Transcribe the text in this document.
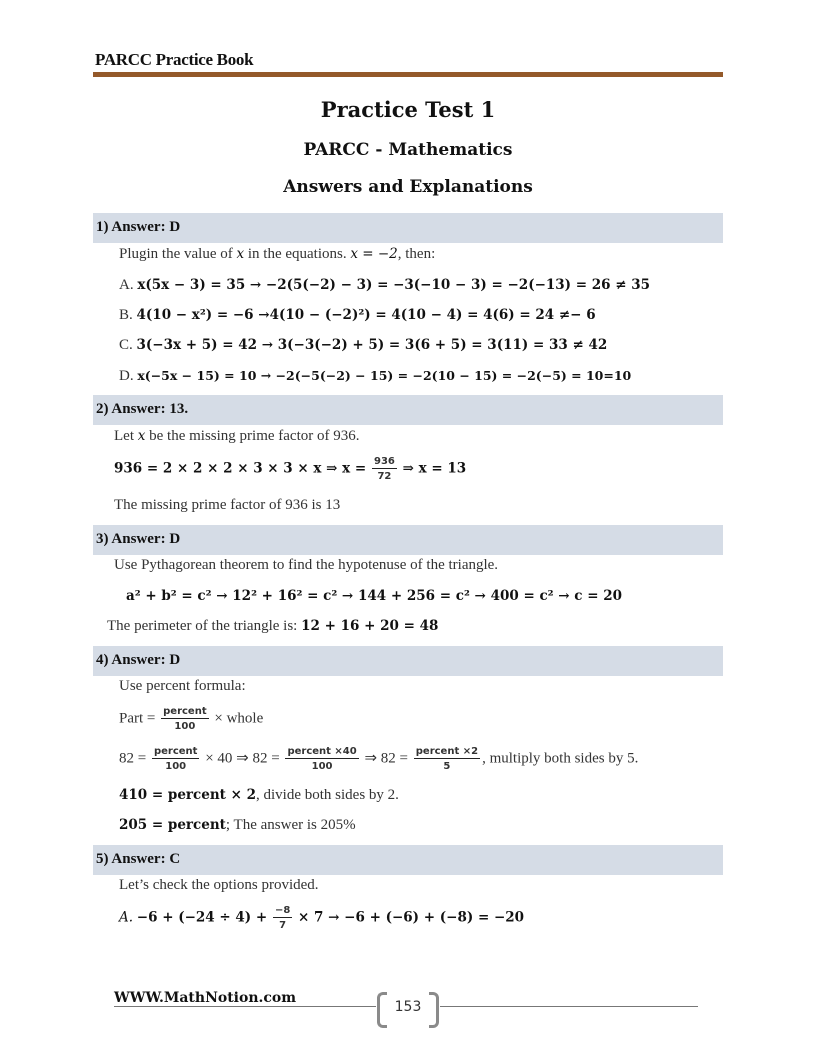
PARCC Practice Book
Practice Test 1
PARCC - Mathematics
Answers and Explanations
1) Answer: D
Plugin the value of x in the equations. x = −2, then:
A. x(5x − 3) = 35 → −2(5(−2) − 3) = −3(−10 − 3) = −2(−13) = 26 ≠ 35
B. 4(10 − x²) = −6 →4(10 − (−2)²) = 4(10 − 4) = 4(6) = 24 ≠− 6
C. 3(−3x + 5) = 42 → 3(−3(−2) + 5) = 3(6 + 5) = 3(11) = 33 ≠ 42
D. x(−5x − 15) = 10 → −2(−5(−2) − 15) = −2(10 − 15) = −2(−5) = 10=10
2) Answer: 13.
Let x be the missing prime factor of 936.
936 = 2 × 2 × 2 × 3 × 3 × x ⇒ $x = \frac{936}{72}$ ⇒ x = 13
The missing prime factor of 936 is 13
3) Answer: D
Use Pythagorean theorem to find the hypotenuse of the triangle.
a² + b² = c² → 12² + 16² = c² → 144 + 256 = c² → 400 = c² → c = 20
The perimeter of the triangle is: 12 + 16 + 20 = 48
4) Answer: D
Use percent formula:
Part = $\frac{\text{percent}}{100}$ × whole
$82 = \frac{\text{percent}}{100} \times 40$ ⇒ $82 = \frac{\text{percent ×40}}{100}$ ⇒ $82 = \frac{\text{percent ×2}}{5}$ , multiply both sides by 5.
410 = percent × 2, divide both sides by 2.
205 = percent; The answer is 205%
5) Answer: C
Let’s check the options provided.
A. $-6 + (-24 \div 4) + \frac{-8}{7} \times 7 \to -6 + (-6) + (-8) = -20$
WWW.MathNotion.com
153
